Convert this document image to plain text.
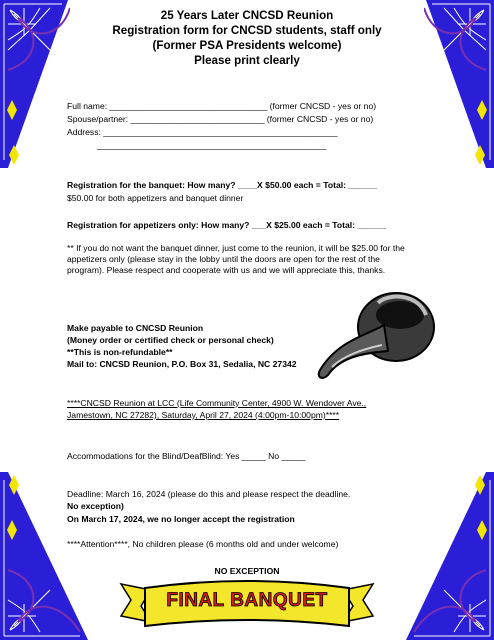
25 Years Later CNCSD Reunion
Registration form for CNCSD students, staff only
(Former PSA Presidents welcome)
Please print clearly
Full name: _________________________________ (former CNCSD - yes or no)
Spouse/partner: ____________________________ (former CNCSD - yes or no)
Address: _________________________________________________
________________________________________________
Registration for the banquet: How many? ____X $50.00 each = Total: ______
$50.00 for both appetizers and banquet dinner
Registration for appetizers only: How many? ___X $25.00 each = Total: ______
** If you do not want the banquet dinner, just come to the reunion, it will be $25.00 for the appetizers only (please stay in the lobby until the doors are open for the rest of the program). Please respect and cooperate with us and we will appreciate this, thanks.
Make payable to CNCSD Reunion
(Money order or certified check or personal check)
**This is non-refundable**
Mail to: CNCSD Reunion, P.O. Box 31, Sedalia, NC 27342
****CNCSD Reunion at LCC (Life Community Center, 4900 W. Wendover Ave.,
Jamestown, NC 27282), Saturday, April 27, 2024 (4:00pm-10:00pm)****
Accommodations for the Blind/DeafBlind: Yes _____ No _____
Deadline: March 16, 2024 (please do this and please respect the deadline.
No exception)
On March 17, 2024, we no longer accept the registration
****Attention****, No children please (6 months old and under welcome)
NO EXCEPTION
FINAL BANQUET
